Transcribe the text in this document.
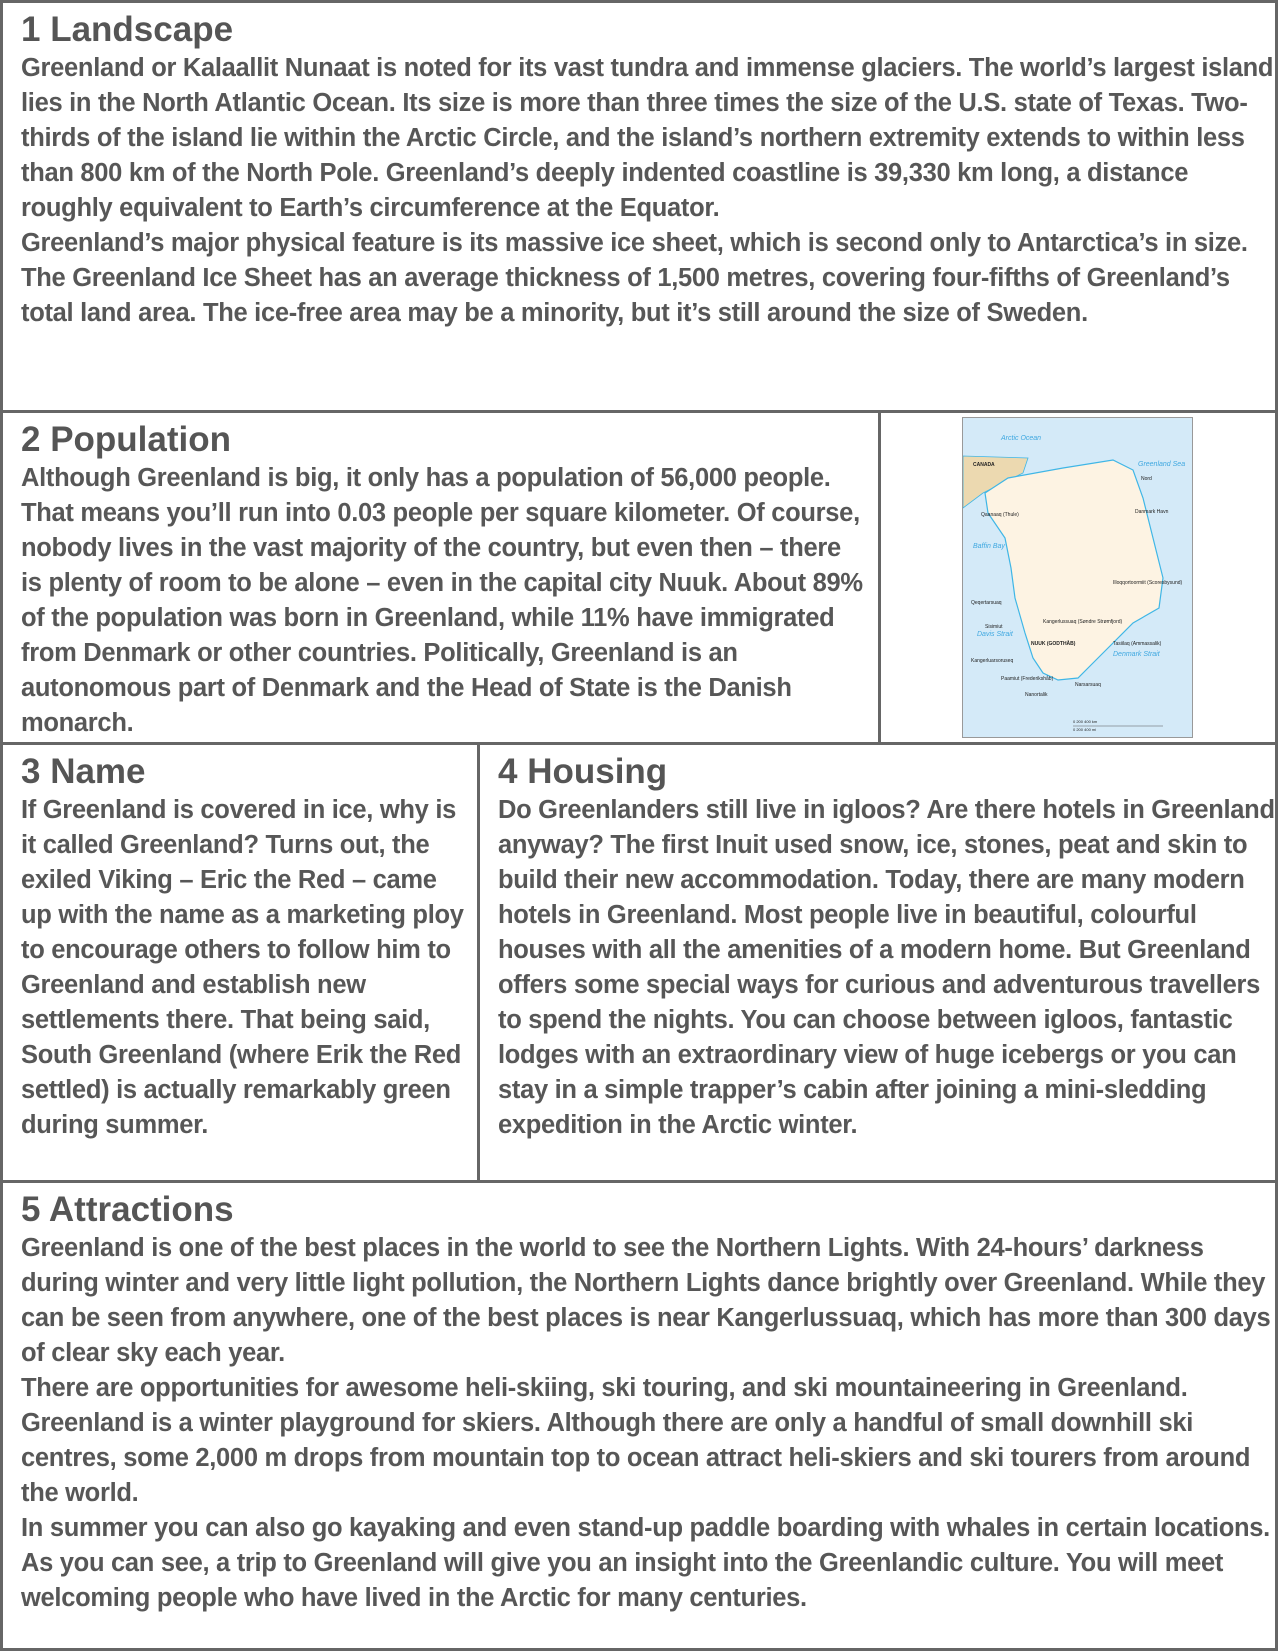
1 Landscape

Greenland or Kalaallit Nunaat is noted for its vast tundra and immense glaciers. The world’s largest island lies in the North Atlantic Ocean. Its size is more than three times the size of the U.S. state of Texas. Two-thirds of the island lie within the Arctic Circle, and the island’s northern extremity extends to within less than 800 km of the North Pole. Greenland’s deeply indented coastline is 39,330 km long, a distance roughly equivalent to Earth’s circumference at the Equator.

Greenland’s major physical feature is its massive ice sheet, which is second only to Antarctica’s in size. The Greenland Ice Sheet has an average thickness of 1,500 metres, covering four-fifths of Greenland’s total land area. The ice-free area may be a minority, but it’s still around the size of Sweden.

2 Population

Although Greenland is big, it only has a population of 56,000 people. That means you’ll run into 0.03 people per square kilometer. Of course, nobody lives in the vast majority of the country, but even then – there is plenty of room to be alone – even in the capital city Nuuk. About 89% of the population was born in Greenland, while 11% have immigrated from Denmark or other countries. Politically, Greenland is an autonomous part of Denmark and the Head of State is the Danish monarch.

Arctic Ocean
Greenland Sea
Baffin Bay
Davis Strait
Denmark Strait
CANADA
Nord
Danmark Havn
Qaanaaq (Thule)
Illoqqortoormiit (Scoresbysund)
Qeqertarsuaq
Kangerlussuaq (Søndre Strømfjord)
Sisimiut
NUUK (GODTHÅB)	Tasiilaq (Ammassalik)
Kangerluarsoruseq
Paamiut (Frederikshåb)
Narsarsuaq
Nanortalik
0 200 400 km
0 200 400 mi
3 Name

If Greenland is covered in ice, why is it called Greenland? Turns out, the exiled Viking – Eric the Red – came up with the name as a marketing ploy to encourage others to follow him to Greenland and establish new settlements there. That being said, South Greenland (where Erik the Red settled) is actually remarkably green during summer.

4 Housing

Do Greenlanders still live in igloos? Are there hotels in Greenland anyway? The first Inuit used snow, ice, stones, peat and skin to build their new accommodation. Today, there are many modern hotels in Greenland. Most people live in beautiful, colourful houses with all the amenities of a modern home. But Greenland offers some special ways for curious and adventurous travellers to spend the nights. You can choose between igloos, fantastic lodges with an extraordinary view of huge icebergs or you can stay in a simple trapper’s cabin after joining a mini-sledding expedition in the Arctic winter.

5 Attractions

Greenland is one of the best places in the world to see the Northern Lights. With 24-hours’ darkness during winter and very little light pollution, the Northern Lights dance brightly over Greenland. While they can be seen from anywhere, one of the best places is near Kangerlussuaq, which has more than 300 days of clear sky each year.

There are opportunities for awesome heli-skiing, ski touring, and ski mountaineering in Greenland. Greenland is a winter playground for skiers. Although there are only a handful of small downhill ski centres, some 2,000 m drops from mountain top to ocean attract heli-skiers and ski tourers from around the world.

In summer you can also go kayaking and even stand-up paddle boarding with whales in certain locations.

As you can see, a trip to Greenland will give you an insight into the Greenlandic culture. You will meet welcoming people who have lived in the Arctic for many centuries.
